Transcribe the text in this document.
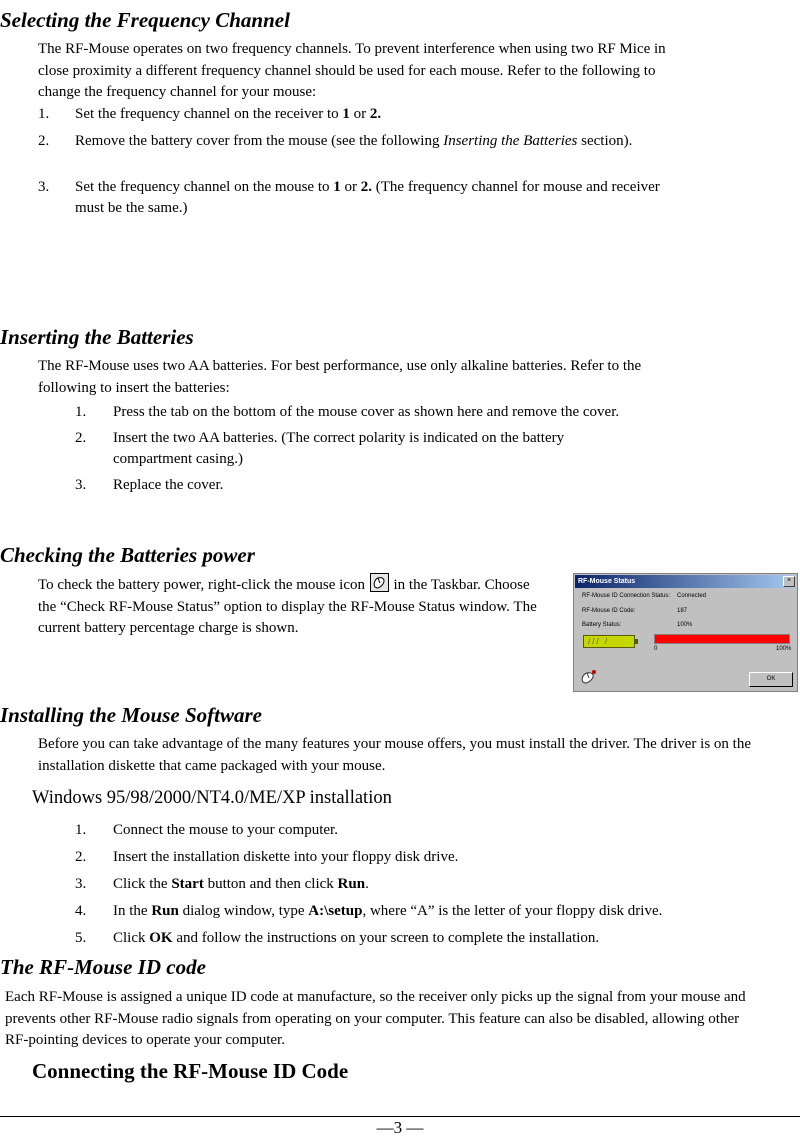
Selecting the Frequency Channel

The RF-Mouse operates on two frequency channels. To prevent interference when using two RF Mice in close proximity a different frequency channel should be used for each mouse. Refer to the following to change the frequency channel for your mouse:

1. Set the frequency channel on the receiver to 1 or 2.
2. Remove the battery cover from the mouse (see the following Inserting the Batteries section).
3. Set the frequency channel on the mouse to 1 or 2. (The frequency channel for mouse and receiver must be the same.)
Inserting the Batteries

The RF-Mouse uses two AA batteries. For best performance, use only alkaline batteries. Refer to the following to insert the batteries:

1. Press the tab on the bottom of the mouse cover as shown here and remove the cover.
2. Insert the two AA batteries. (The correct polarity is indicated on the battery compartment casing.)
3. Replace the cover.
Checking the Batteries power

To check the battery power, right-click the mouse icon
in the Taskbar. Choose the “Check RF-Mouse Status” option to display the RF-Mouse Status window. The current battery percentage charge is shown.

RF-Mouse Status	×
RF-Mouse ID Connection Status: Connected
RF-Mouse ID Code:	187
Battery Status:	100%
/// /
0	100%
OK
Installing the Mouse Software

Before you can take advantage of the many features your mouse offers, you must install the driver. The driver is on the installation diskette that came packaged with your mouse.

Windows 95/98/2000/NT4.0/ME/XP installation
1. Connect the mouse to your computer.
2. Insert the installation diskette into your floppy disk drive.
3. Click the Start button and then click Run.
4. In the Run dialog window, type A:\setup, where “A” is the letter of your floppy disk drive.
5. Click OK and follow the instructions on your screen to complete the installation.
The RF-Mouse ID code

Each RF-Mouse is assigned a unique ID code at manufacture, so the receiver only picks up the signal from your mouse and prevents other RF-Mouse radio signals from operating on your computer. This feature can also be disabled, allowing other RF-pointing devices to operate your computer.

Connecting the RF-Mouse ID Code
—3 —
